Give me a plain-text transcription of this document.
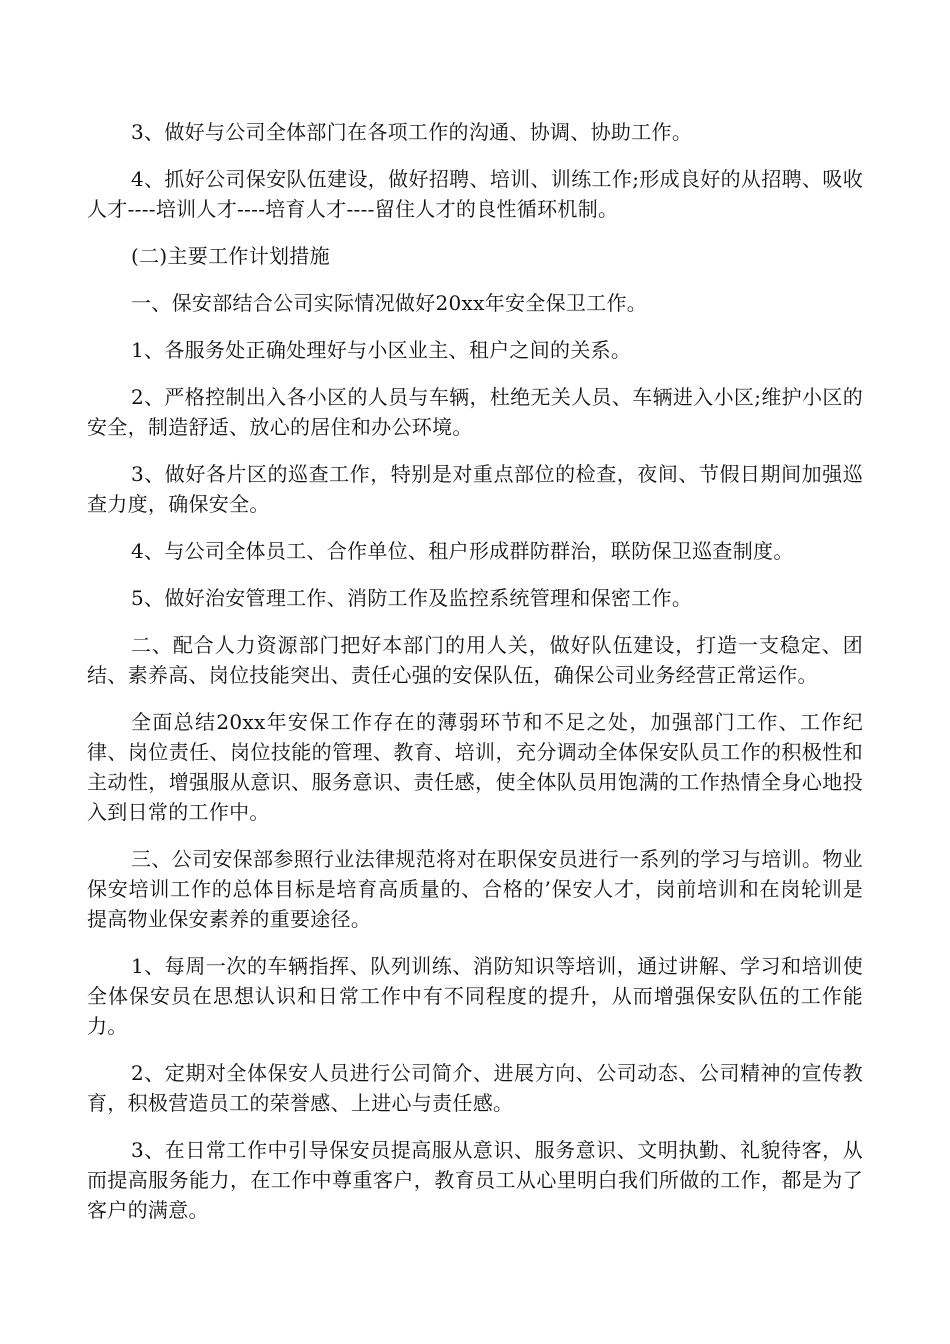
3、做好与公司全体部门在各项工作的沟通、协调、协助工作。

4、抓好公司保安队伍建设，做好招聘、培训、训练工作;形成良好的从招聘、吸收人才----培训人才----培育人才----留住人才的良性循环机制。

(二)主要工作计划措施

一、保安部结合公司实际情况做好20xx年安全保卫工作。

1、各服务处正确处理好与小区业主、租户之间的关系。

2、严格控制出入各小区的人员与车辆，杜绝无关人员、车辆进入小区;维护小区的安全，制造舒适、放心的居住和办公环境。

3、做好各片区的巡查工作，特别是对重点部位的检查，夜间、节假日期间加强巡查力度，确保安全。

4、与公司全体员工、合作单位、租户形成群防群治，联防保卫巡查制度。

5、做好治安管理工作、消防工作及监控系统管理和保密工作。

二、配合人力资源部门把好本部门的用人关，做好队伍建设，打造一支稳定、团结、素养高、岗位技能突出、责任心强的安保队伍，确保公司业务经营正常运作。

全面总结20xx年安保工作存在的薄弱环节和不足之处，加强部门工作、工作纪律、岗位责任、岗位技能的管理、教育、培训，充分调动全体保安队员工作的积极性和主动性，增强服从意识、服务意识、责任感，使全体队员用饱满的工作热情全身心地投入到日常的工作中。

三、公司安保部参照行业法律规范将对在职保安员进行一系列的学习与培训。物业保安培训工作的总体目标是培育高质量的、合格的’保安人才，岗前培训和在岗轮训是提高物业保安素养的重要途径。

1、每周一次的车辆指挥、队列训练、消防知识等培训，通过讲解、学习和培训使全体保安员在思想认识和日常工作中有不同程度的提升，从而增强保安队伍的工作能力。

2、定期对全体保安人员进行公司简介、进展方向、公司动态、公司精神的宣传教育，积极营造员工的荣誉感、上进心与责任感。

3、在日常工作中引导保安员提高服从意识、服务意识、文明执勤、礼貌待客，从而提高服务能力，在工作中尊重客户，教育员工从心里明白我们所做的工作，都是为了客户的满意。
